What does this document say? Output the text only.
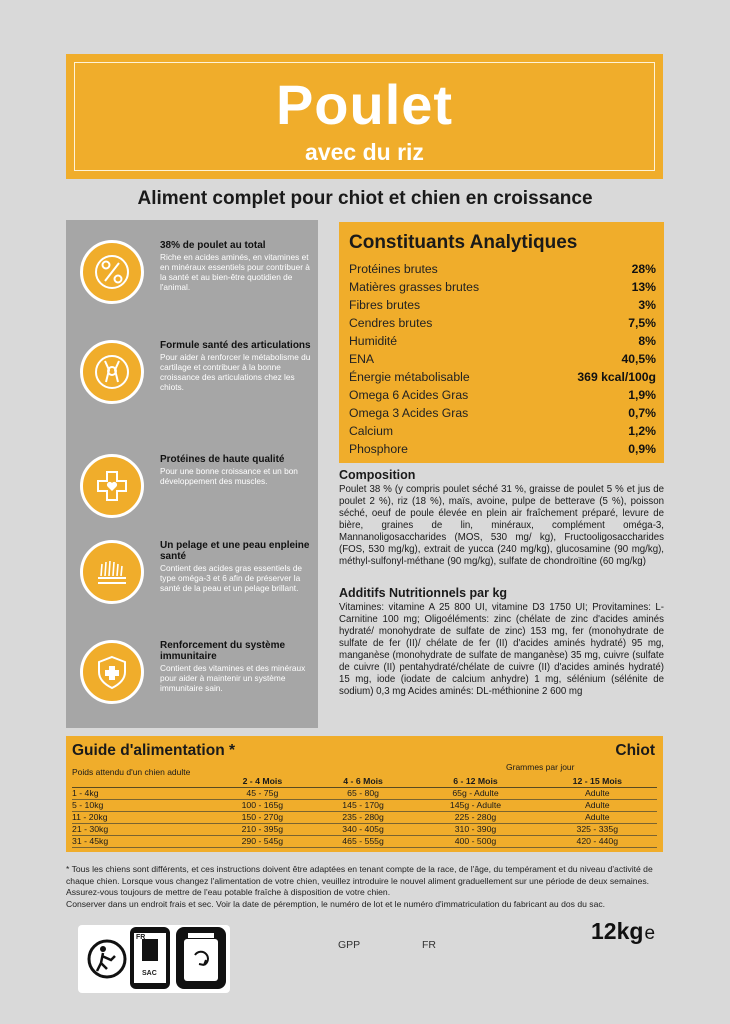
Poulet
avec du riz
Aliment complet pour chiot et chien en croissance
38% de poulet au total
Riche en acides aminés, en vitamines et en minéraux essentiels pour contribuer à la santé et au bien-être quotidien de l'animal.
Formule santé des articulations
Pour aider à renforcer le métabolisme du cartilage et contribuer à la bonne croissance des articulations chez les chiots.
Protéines de haute qualité
Pour une bonne croissance et un bon développement des muscles.
Un pelage et une peau enpleine santé
Contient des acides gras essentiels de type oméga-3 et 6 afin de préserver la santé de la peau et un pelage brillant.
Renforcement du système immunitaire
Contient des vitamines et des minéraux pour aider à maintenir un système immunitaire sain.
Constituants Analytiques
Protéines brutes	28%
Matières grasses brutes	13%
Fibres brutes	3%
Cendres brutes	7,5%
Humidité	8%
ENA	40,5%
Énergie métabolisable	369 kcal/100g
Omega 6 Acides Gras	1,9%
Omega 3 Acides Gras	0,7%
Calcium	1,2%
Phosphore	0,9%
Composition
Poulet 38 % (y compris poulet séché 31 %, graisse de poulet 5 % et jus de poulet 2 %), riz (18 %), maïs, avoine, pulpe de betterave (5 %), poisson séché, oeuf de poule élevée en plein air fraîchement préparé, levure de bière, graines de lin, minéraux, complément oméga-3, Mannanoligosaccharides (MOS, 530 mg/ kg), Fructooligosaccharides (FOS, 530 mg/kg), extrait de yucca (240 mg/kg), glucosamine (90 mg/kg), méthyl-sulfonyl-méthane (90 mg/kg), sulfate de chondroïtine (60 mg/kg)
Additifs Nutritionnels par kg
Vitamines: vitamine A 25 800 UI, vitamine D3 1750 UI; Provitamines: L-Carnitine 100 mg; Oligoéléments: zinc (chélate de zinc d'acides aminés hydraté/ monohydrate de sulfate de zinc) 153 mg, fer (monohydrate de sulfate de fer (II)/ chélate de fer (II) d'acides aminés hydraté) 95 mg, manganèse (monohydrate de sulfate de manganèse) 35 mg, cuivre (sulfate de cuivre (II) pentahydraté/chélate de cuivre (II) d'acides aminés hydraté) 15 mg, iode (iodate de calcium anhydre) 1 mg, sélénium (sélénite de sodium) 0,3 mg Acides aminés: DL-méthionine 2 600 mg
Guide d'alimentation *	Chiot
Poids attendu d'un chien adulte	Grammes par jour
	2 - 4 Mois	4 - 6 Mois	6 - 12 Mois	12 - 15 Mois
1 - 4kg	45 - 75g	65 - 80g	65g - Adulte	Adulte
5 - 10kg	100 - 165g	145 - 170g	145g - Adulte	Adulte
11 - 20kg	150 - 270g	235 - 280g	225 - 280g	Adulte
21 - 30kg	210 - 395g	340 - 405g	310 - 390g	325 - 335g
31 - 45kg	290 - 545g	465 - 555g	400 - 500g	420 - 440g
* Tous les chiens sont différents, et ces instructions doivent être adaptées en tenant compte de la race, de l'âge, du tempérament et du niveau d'activité de chaque chien. Lorsque vous changez l'alimentation de votre chien, veuillez introduire le nouvel aliment graduellement sur une période de deux semaines. Assurez-vous toujours de mettre de l'eau potable fraîche à disposition de votre chien.
Conserver dans un endroit frais et sec. Voir la date de péremption, le numéro de lot et le numéro d'immatriculation du fabricant au dos du sac.
FR
SAC
GPP	FR
12kge
